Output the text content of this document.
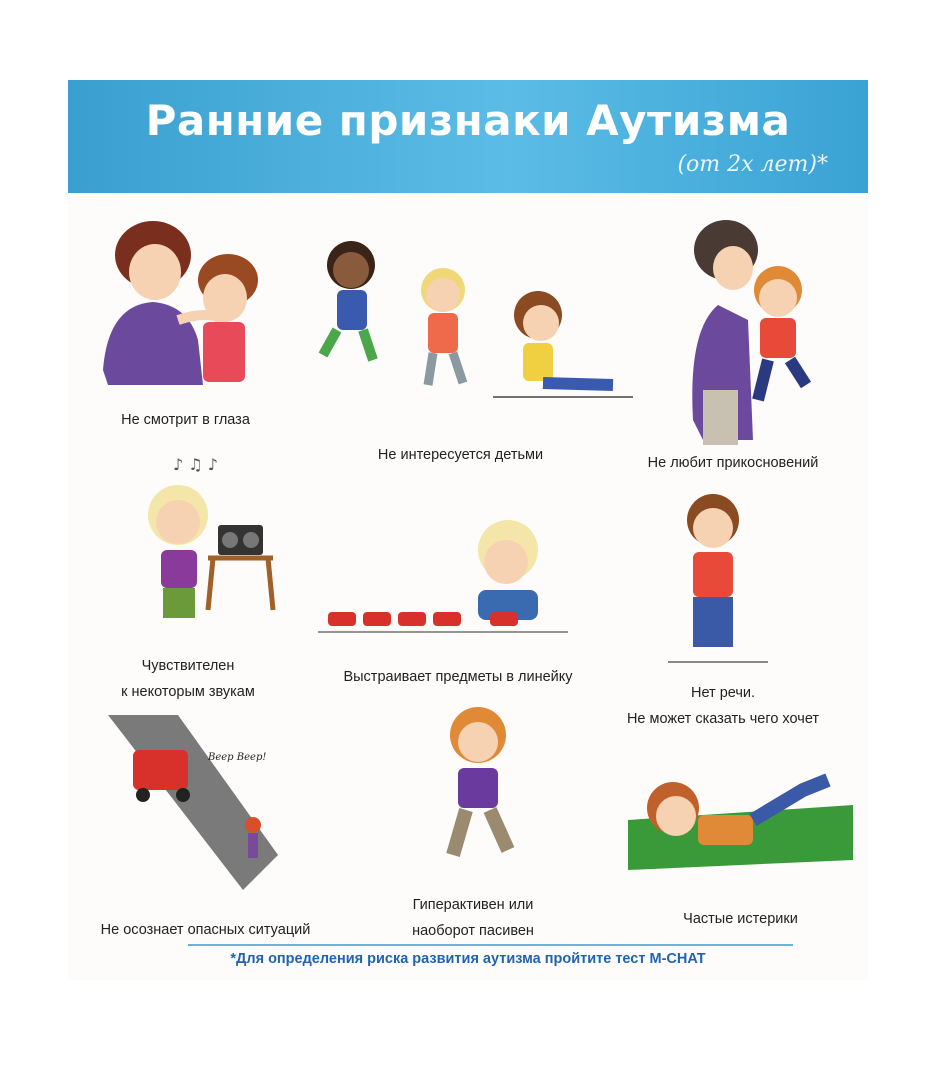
Ранние признаки Аутизма
(от 2х лет)*
Не смотрит в глаза
Не интересуется детьми	Не любит прикосновений
♪ ♫ ♪
Чувствителен
к некоторым звукам
Выстраивает предметы в линейку
Нет речи.
Не может сказать чего хочет
Beep Beep!
Не осознает опасных ситуаций
Гиперактивен или
наоборот пасивен
Частые истерики
*Для определения риска развития аутизма пройтите тест M-CHAT
